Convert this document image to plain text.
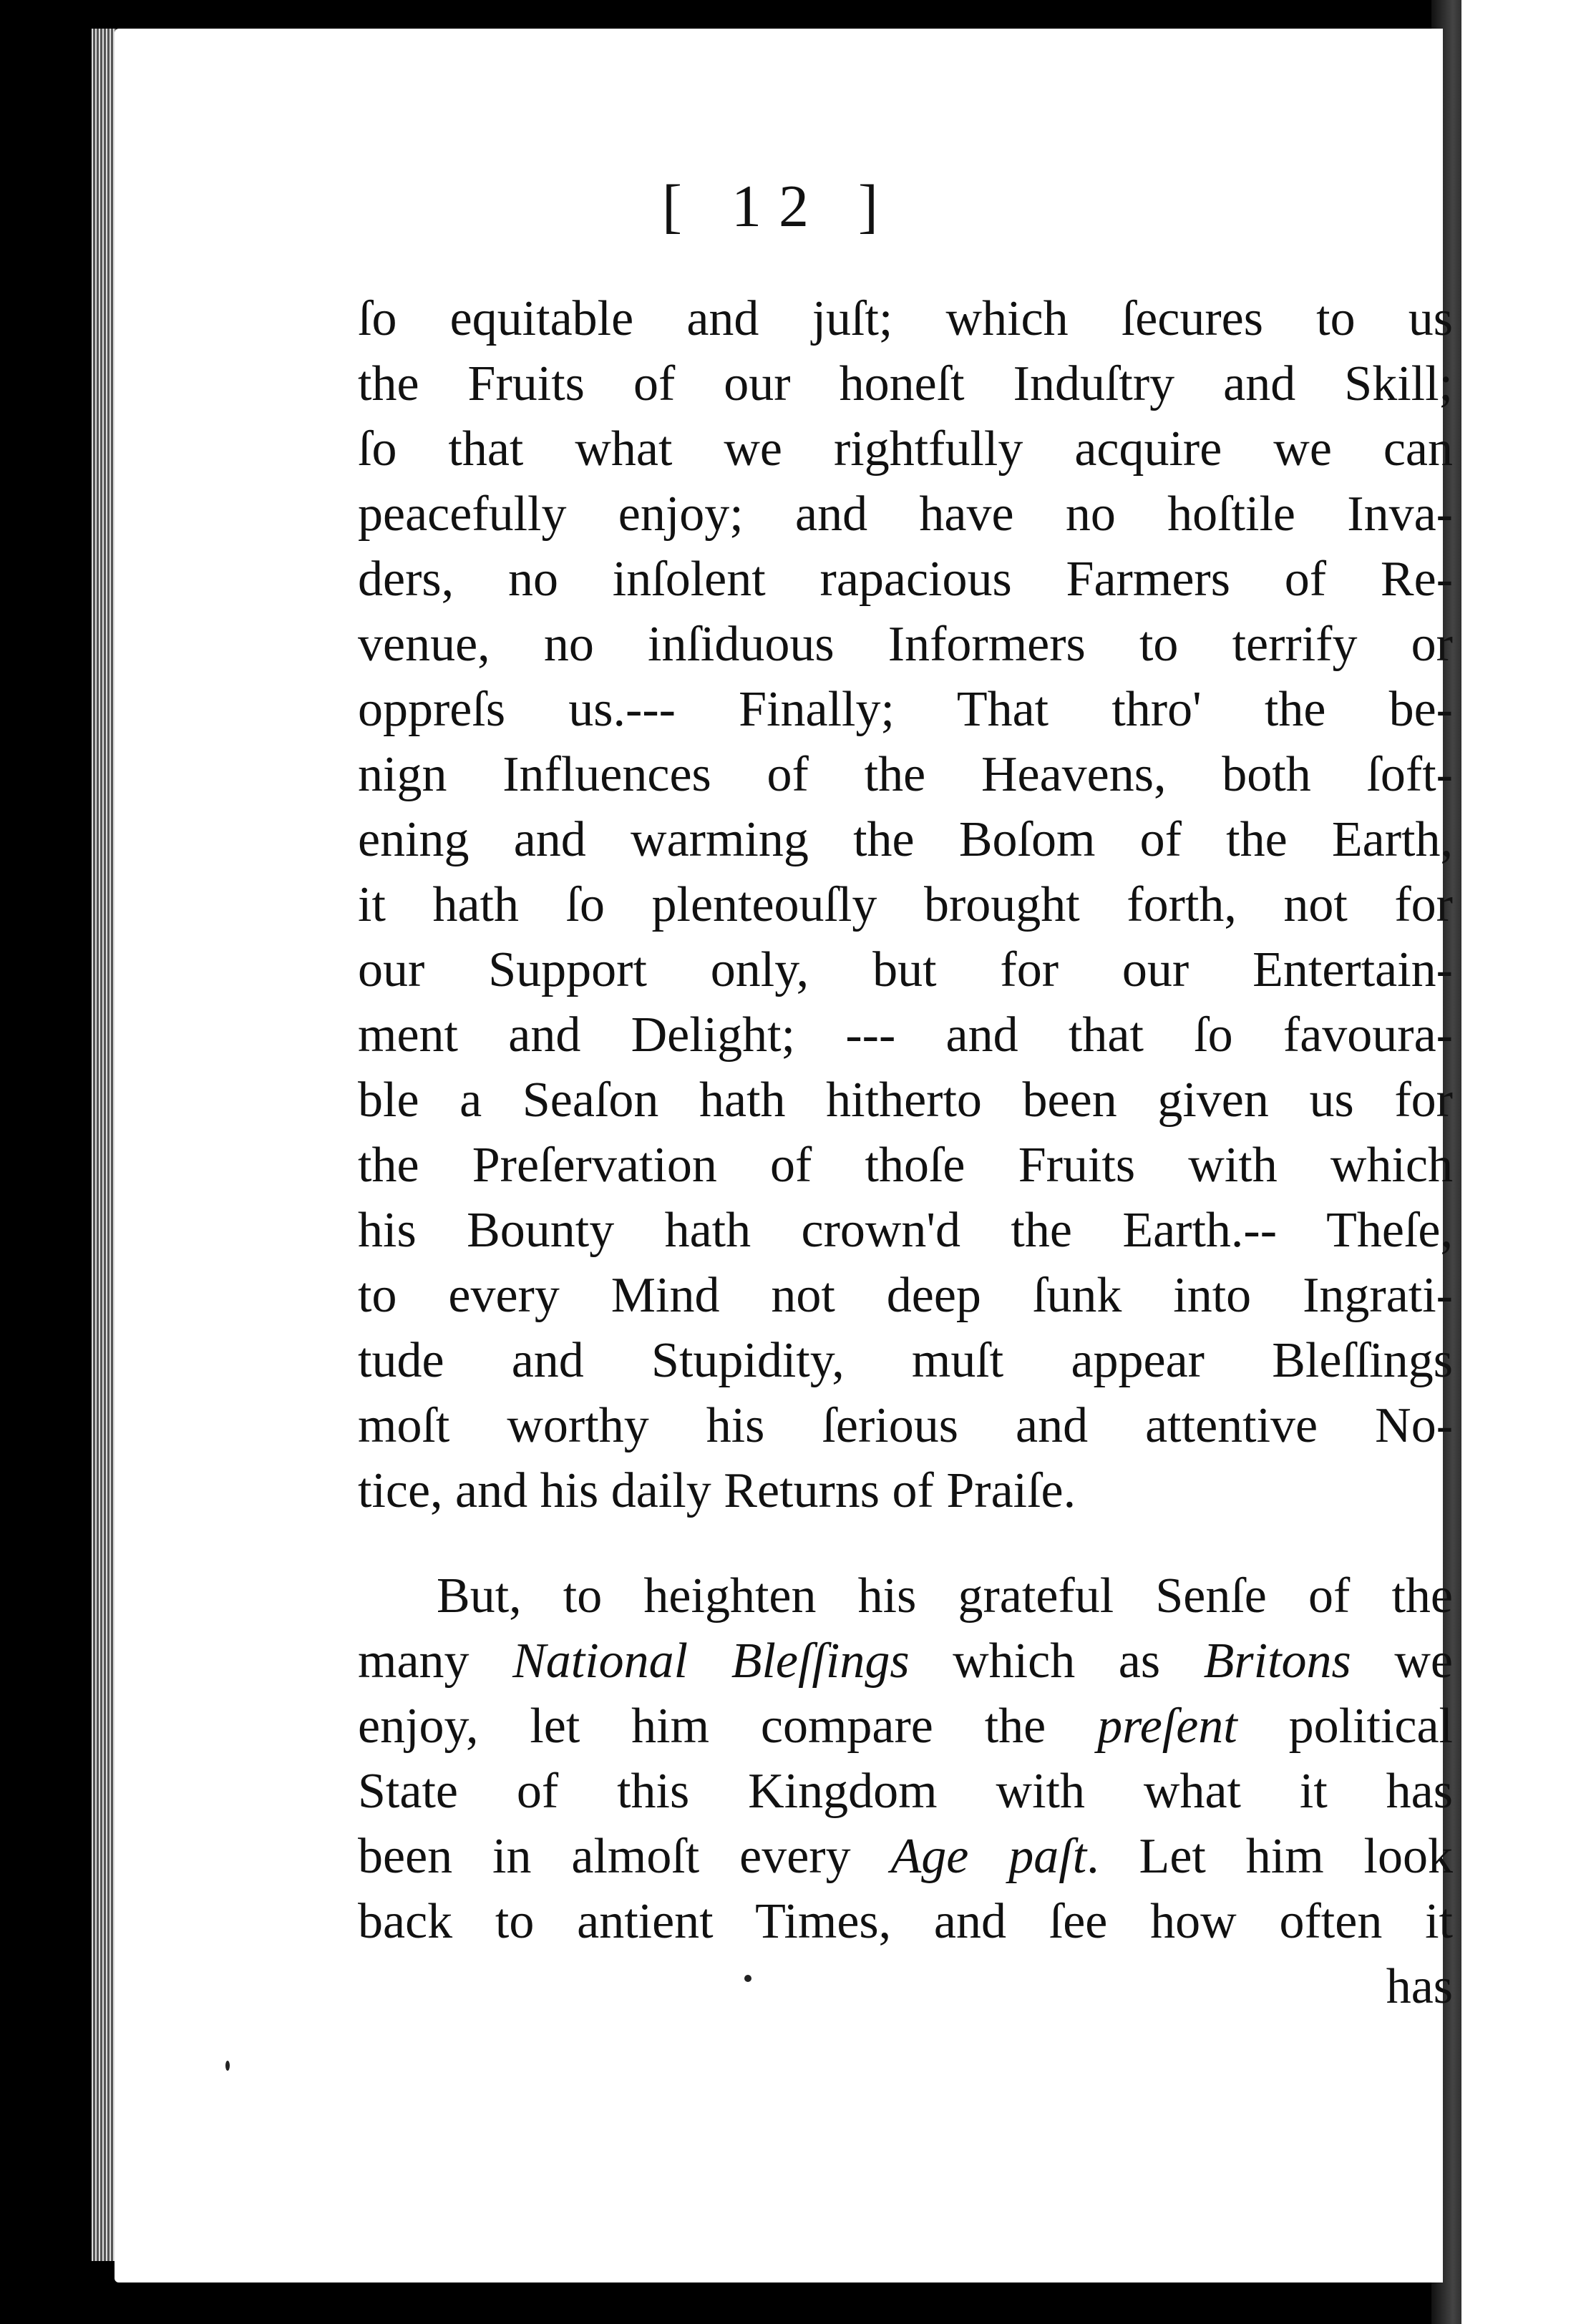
[ 12 ]
ſo equitable and juſt; which ſecures to us
the Fruits of our honeſt Induſtry and Skill;
ſo that what we rightfully acquire we can
peacefully enjoy; and have no hoſtile Inva-
ders, no inſolent rapacious Farmers of Re-
venue, no inſiduous Informers to terrify or
oppreſs us.--- Finally; That thro' the be-
nign Influences of the Heavens, both ſoft-
ening and warming the Boſom of the Earth,
it hath ſo plenteouſly brought forth, not for
our Support only, but for our Entertain-
ment and Delight; --- and that ſo favoura-
ble a Seaſon hath hitherto been given us for
the Preſervation of thoſe Fruits with which
his Bounty hath crown'd the Earth.-- Theſe,
to every Mind not deep ſunk into Ingrati-
tude and Stupidity, muſt appear Bleſſings
moſt worthy his ſerious and attentive No-
tice, and his daily Returns of Praiſe.
But, to heighten his grateful Senſe of the
many National Bleſſings which as Britons we
enjoy, let him compare the preſent political
State of this Kingdom with what it has
been in almoſt every Age paſt. Let him look
back to antient Times, and ſee how often it
has
